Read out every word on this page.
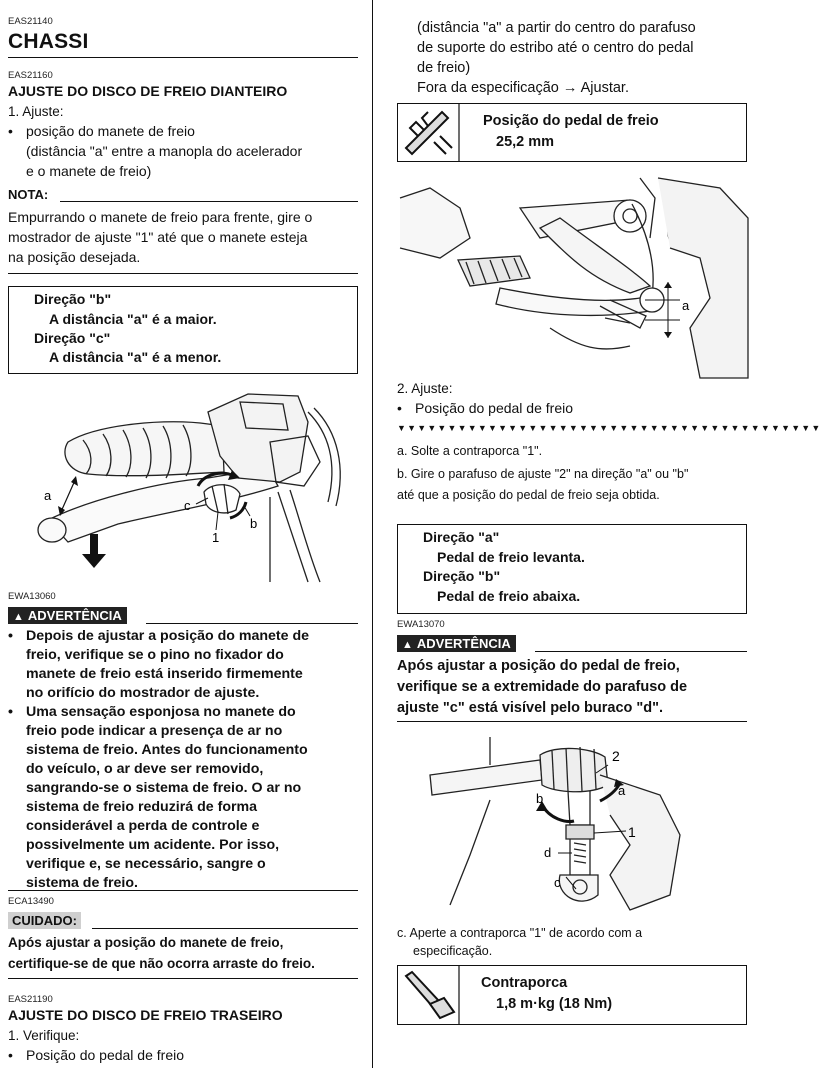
EAS21140
CHASSI
EAS21160
AJUSTE DO DISCO DE FREIO DIANTEIRO
1. Ajuste:
• posição do manete de freio
(distância "a" entre a manopla do acelerador
e o manete de freio)
NOTA:
Empurrando o manete de freio para frente, gire o
mostrador de ajuste "1" até que o manete esteja
na posição desejada.
Direção "b"
A distância "a" é a maior.
Direção "c"
A distância "a" é a menor.
a
c
b
1
EWA13060
▲ ADVERTÊNCIA
• Depois de ajustar a posição do manete de
freio, verifique se o pino no fixador do
manete de freio está inserido firmemente
no orifício do mostrador de ajuste.
• Uma sensação esponjosa no manete do
freio pode indicar a presença de ar no
sistema de freio. Antes do funcionamento
do veículo, o ar deve ser removido,
sangrando-se o sistema de freio. O ar no
sistema de freio reduzirá de forma
considerável a perda de controle e
possivelmente um acidente. Por isso,
verifique e, se necessário, sangre o
sistema de freio.
ECA13490
CUIDADO:
Após ajustar a posição do manete de freio,
certifique-se de que não ocorra arraste do freio.
EAS21190
AJUSTE DO DISCO DE FREIO TRASEIRO
1. Verifique:
• Posição do pedal de freio
(distância "a" a partir do centro do parafuso
de suporte do estribo até o centro do pedal
de freio)
Fora da especificação → Ajustar.
Posição do pedal de freio
25,2 mm
a
2. Ajuste:
• Posição do pedal de freio
▼▼▼▼▼▼▼▼▼▼▼▼▼▼▼▼▼▼▼▼▼▼▼▼▼▼▼▼▼▼▼▼▼▼▼▼▼▼▼▼▼▼
a. Solte a contraporca "1".
b. Gire o parafuso de ajuste "2" na direção "a" ou "b"
até que a posição do pedal de freio seja obtida.
Direção "a"
Pedal de freio levanta.
Direção "b"
Pedal de freio abaixa.
EWA13070
▲ ADVERTÊNCIA
Após ajustar a posição do pedal de freio,
verifique se a extremidade do parafuso de
ajuste "c" está visível pelo buraco "d".
2
a
b
1
d
c
c. Aperte a contraporca "1" de acordo com a
especificação.
Contraporca
1,8 m·kg (18 Nm)
